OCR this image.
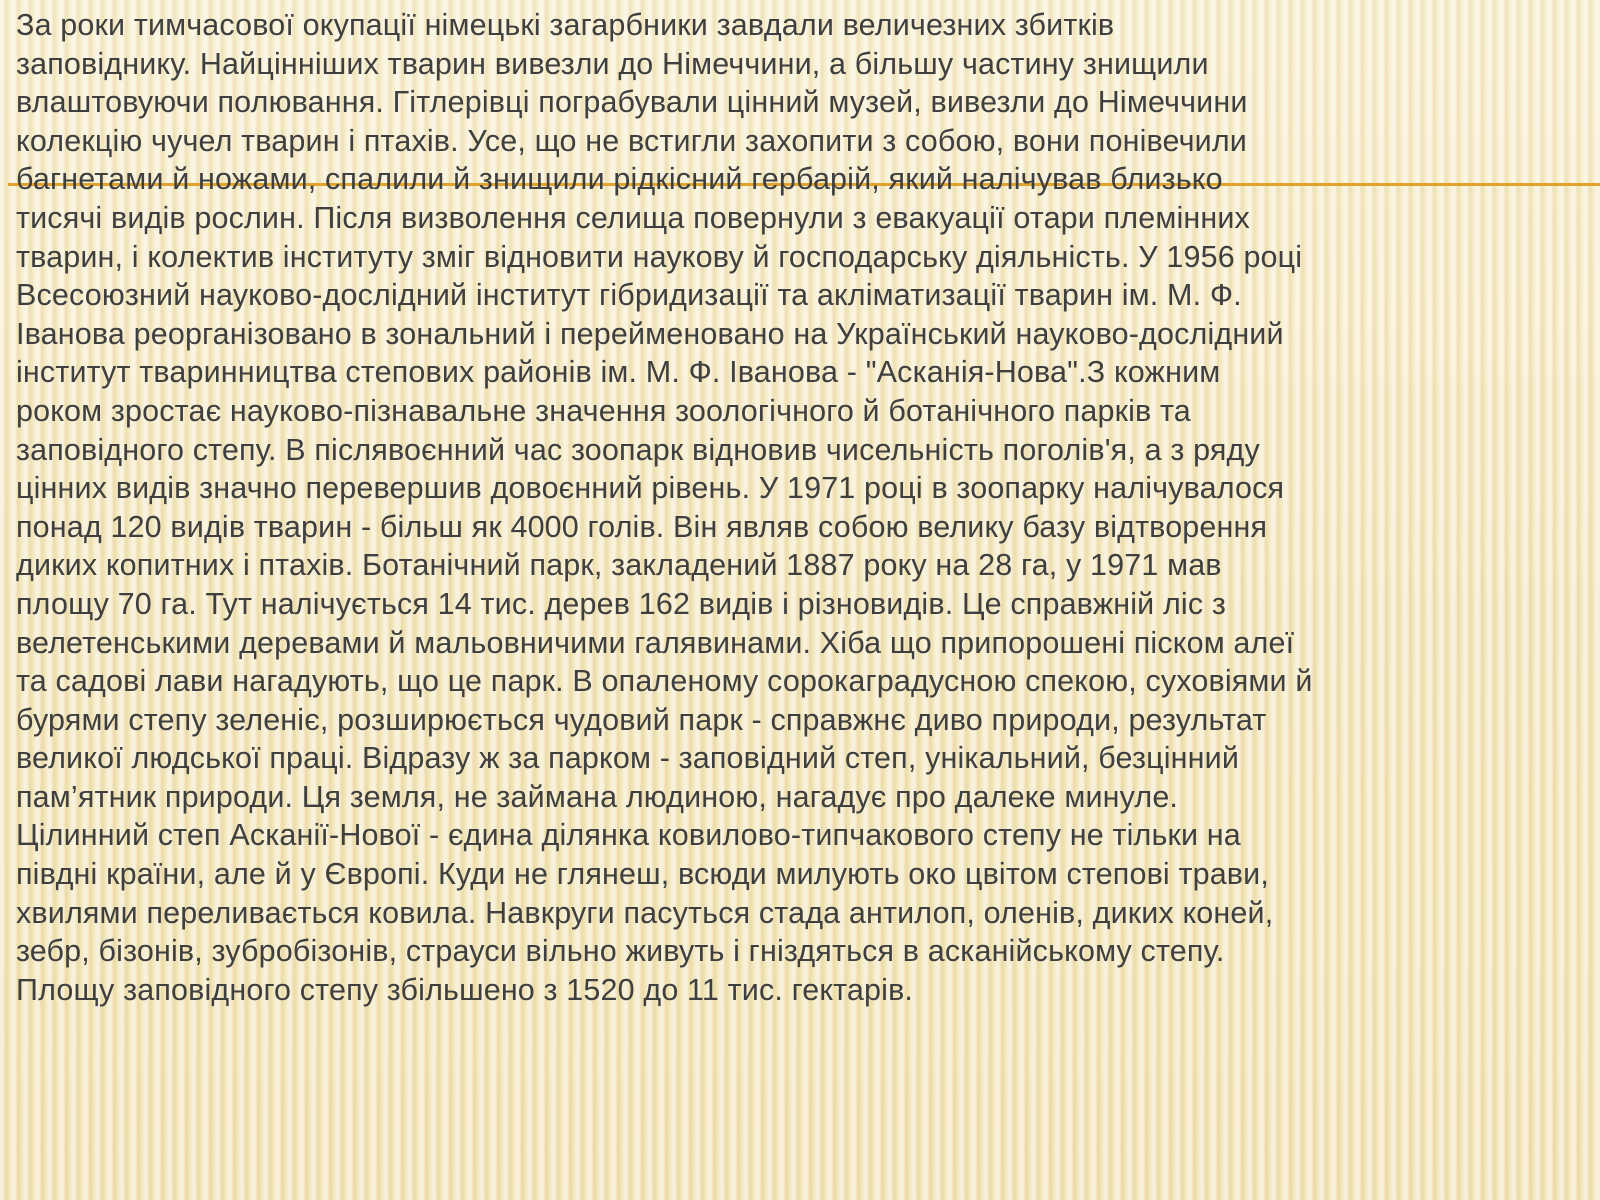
За роки тимчасової окупації німецькі загарбники завдали величезних збитків
заповіднику. Найцінніших тварин вивезли до Німеччини, а більшу частину знищили
влаштовуючи полювання. Гітлерівці пограбували цінний музей, вивезли до Німеччини
колекцію чучел тварин і птахів. Усе, що не встигли захопити з собою, вони понівечили
багнетами й ножами, спалили й знищили рідкісний гербарій, який налічував близько
тисячі видів рослин. Після визволення селища повернули з евакуації отари племінних
тварин, і колектив інституту зміг відновити наукову й господарську діяльність. У 1956 році
Всесоюзний науково-дослідний інститут гібридизації та акліматизації тварин ім. М. Ф.
Іванова реорганізовано в зональний і перейменовано на Український науково-дослідний
інститут тваринництва степових районів ім. М. Ф. Іванова - "Асканія-Нова".З кожним
роком зростає науково-пізнавальне значення зоологічного й ботанічного парків та
заповідного степу. В післявоєнний час зоопарк відновив чисельність поголів'я, а з ряду
цінних видів значно перевершив довоєнний рівень. У 1971 році в зоопарку налічувалося
понад 120 видів тварин - більш як 4000 голів. Він являв собою велику базу відтворення
диких копитних і птахів. Ботанічний парк, закладений 1887 року на 28 га, у 1971 мав
площу 70 га. Тут налічується 14 тис. дерев 162 видів і різновидів. Це справжній ліс з
велетенськими деревами й мальовничими галявинами. Хіба що припорошені піском алеї
та садові лави нагадують, що це парк. В опаленому сорокаградусною спекою, суховіями й
бурями степу зеленіє, розширюється чудовий парк - справжнє диво природи, результат
великої людської праці. Відразу ж за парком - заповідний степ, унікальний, безцінний
пам’ятник природи. Ця земля, не займана людиною, нагадує про далеке минуле.
Цілинний степ Асканії-Нової - єдина ділянка ковилово-типчакового степу не тільки на
півдні країни, але й у Європі. Куди не глянеш, всюди милують око цвітом степові трави,
хвилями переливається ковила. Навкруги пасуться стада антилоп, оленів, диких коней,
зебр, бізонів, зубробізонів, страуси вільно живуть і гніздяться в асканійському степу.
Площу заповідного степу збільшено з 1520 до 11 тис. гектарів.
